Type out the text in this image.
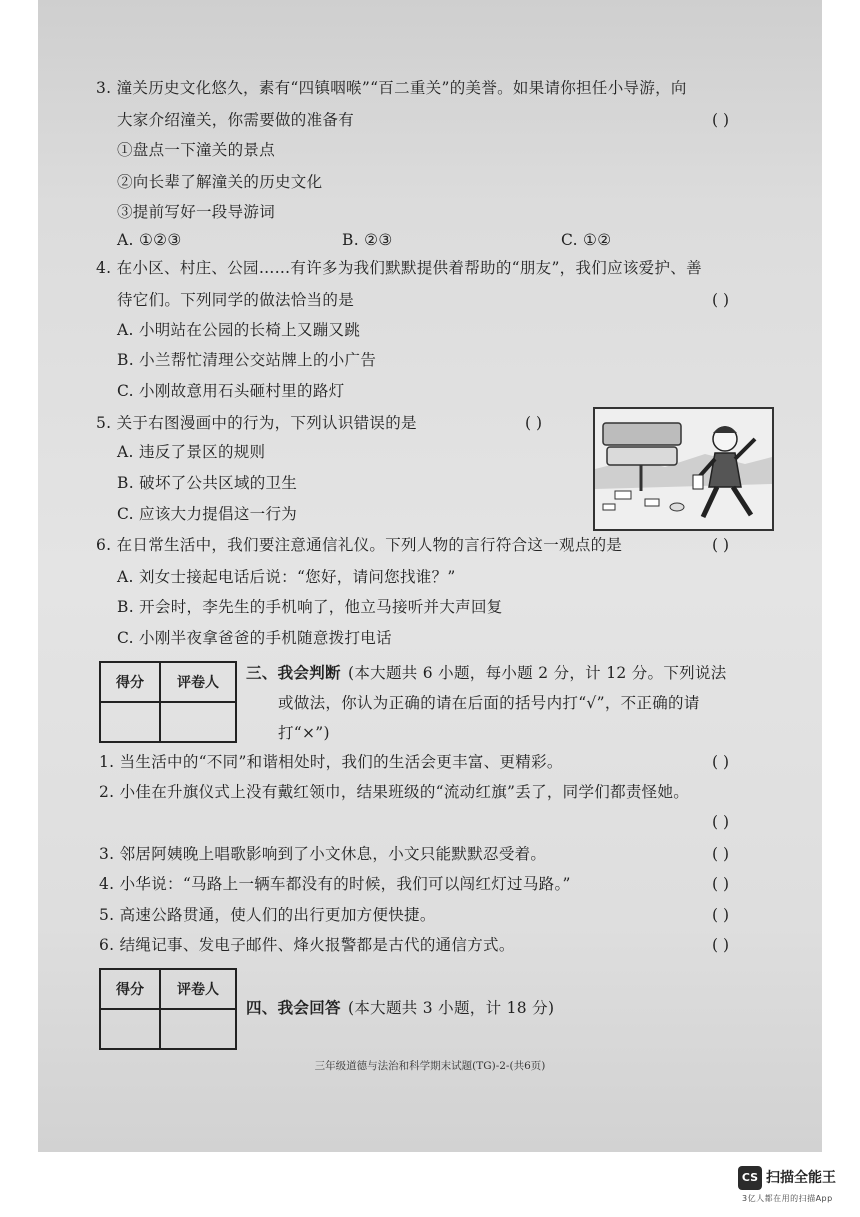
3. 潼关历史文化悠久，素有“四镇咽喉”“百二重关”的美誉。如果请你担任小导游，向
大家介绍潼关，你需要做的准备有	( )
①盘点一下潼关的景点
②向长辈了解潼关的历史文化
③提前写好一段导游词
A. ①②③	B. ②③	C. ①②
4. 在小区、村庄、公园……有许多为我们默默提供着帮助的“朋友”，我们应该爱护、善
待它们。下列同学的做法恰当的是	( )
A. 小明站在公园的长椅上又蹦又跳
B. 小兰帮忙清理公交站牌上的小广告
C. 小刚故意用石头砸村里的路灯
5. 关于右图漫画中的行为，下列认识错误的是	( )
A. 违反了景区的规则
B. 破坏了公共区域的卫生
C. 应该大力提倡这一行为
6. 在日常生活中，我们要注意通信礼仪。下列人物的言行符合这一观点的是	( )
A. 刘女士接起电话后说：“您好，请问您找谁？”
B. 开会时，李先生的手机响了，他立马接听并大声回复
C. 小刚半夜拿爸爸的手机随意拨打电话
得分	评卷人

三、我会判断 (本大题共 6 小题，每小题 2 分，计 12 分。下列说法
或做法，你认为正确的请在后面的括号内打“√”，不正确的请
打“×”)
1. 当生活中的“不同”和谐相处时，我们的生活会更丰富、更精彩。	( )
2. 小佳在升旗仪式上没有戴红领巾，结果班级的“流动红旗”丢了，同学们都责怪她。
( )
3. 邻居阿姨晚上唱歌影响到了小文休息，小文只能默默忍受着。	( )
4. 小华说：“马路上一辆车都没有的时候，我们可以闯红灯过马路。”	( )
5. 高速公路贯通，使人们的出行更加方便快捷。	( )
6. 结绳记事、发电子邮件、烽火报警都是古代的通信方式。	( )
得分	评卷人

四、我会回答 (本大题共 3 小题，计 18 分)
三年级道德与法治和科学期末试题(TG)-2-(共6页)
CS 扫描全能王
3亿人都在用的扫描App
